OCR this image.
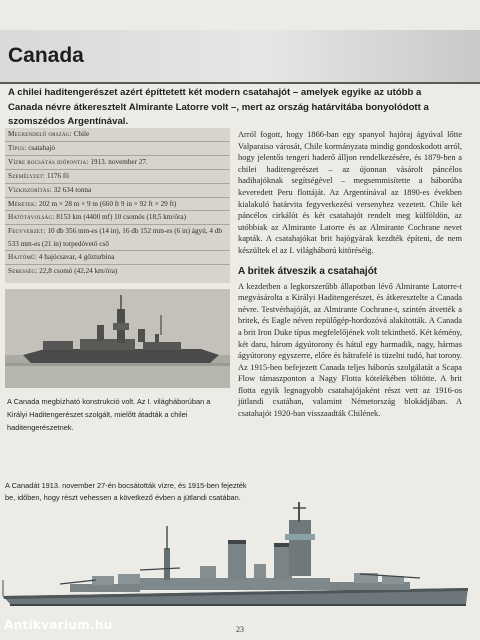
Canada
A chilei haditengerészet azért építtetett két modern csatahajót – amelyek egyike az utóbb a Canada névre átkeresztelt Almirante Latorre volt –, mert az ország határvitába bonyolódott a szomszédos Argentínával.
Megrendelő ország: Chile
Típus: csatahajó
Vízre bocsátás időpontja: 1913. november 27.
Személyzet: 1176 fő
Vízkiszorítás: 32 634 tonna
Méretek: 202 m × 28 m × 9 m (660 ft 9 in × 92 ft × 29 ft)
Hatótávolság: 8153 km (4400 mf) 10 csomós (18,5 km/óra)
Fegyverzet: 10 db 356 mm-es (14 in), 16 db 152 mm-es (6 in) ágyú, 4 db 533 mm-es (21 in) torpedóvető cső
Hajtómű: 4 hajócsavar, 4 gőzturbina
Sebesség: 22,8 csomó (42,24 km/óra)
A Canada megbízható konstrukció volt. Az I. világháborúban a Királyi Haditengerészet szolgált, mielőtt átadták a chilei haditengerészetnek.

Arról fogott, hogy 1866-ban egy spanyol hajóraj ágyúval lőtte Valparaiso városát, Chile kormányzata mindig gondoskodott arról, hogy jelentős tengeri haderő álljon rendelkezésére, és 1879-ben a chilei haditengerészet – az újonnan vásárolt páncélos hadihajóknak segítségével – megsemmisítette a háborúba keveredett Peru flottáját. Az Argentínával az 1890-es években kialakuló határvita fegyverkezési versenyhez vezetett. Chile két páncélos cirkálót és két csatahajót rendelt meg külföldön, az utóbbiak az Almirante Latorre és az Almirante Cochrane nevet kapták. A csatahajókat brit hajógyárak kezdték építeni, de nem készültek el az I. világháború kitöréséig.

A britek átveszik a csatahajót

A kezdetben a legkorszerűbb állapotban lévő Almirante Latorre-t megvásárolta a Királyi Haditengerészet, és átkeresztelte a Canada névre. Testvérhajóját, az Almirante Cochrane-t, szintén átvették a britek, és Eagle néven repülőgép-hordozóvá alakították. A Canada a brit Iron Duke típus megfelelőjének volt tekinthető. Két kémény, két daru, három ágyútorony és hátul egy harmadik, nagy, hármas ágyútorony egyszerre, előre és hátrafelé is tüzelni tudó, hat torony. Az 1915-ben befejezett Canada teljes háborús szolgálatát a Scapa Flow támaszponton a Nagy Flotta kötelékében töltötte. A brit flotta egyik legnagyobb csatahajójaként részt vett az 1916-os jütlandi csatában, valamint Németország blokádjában. A csatahajót 1920-ban visszaadták Chilének.

A Canadát 1913. november 27-én bocsátották vízre, és 1915-ben fejezték be, időben, hogy részt vehessen a következő évben a jütlandi csatában.
23
Antikvarium.hu
